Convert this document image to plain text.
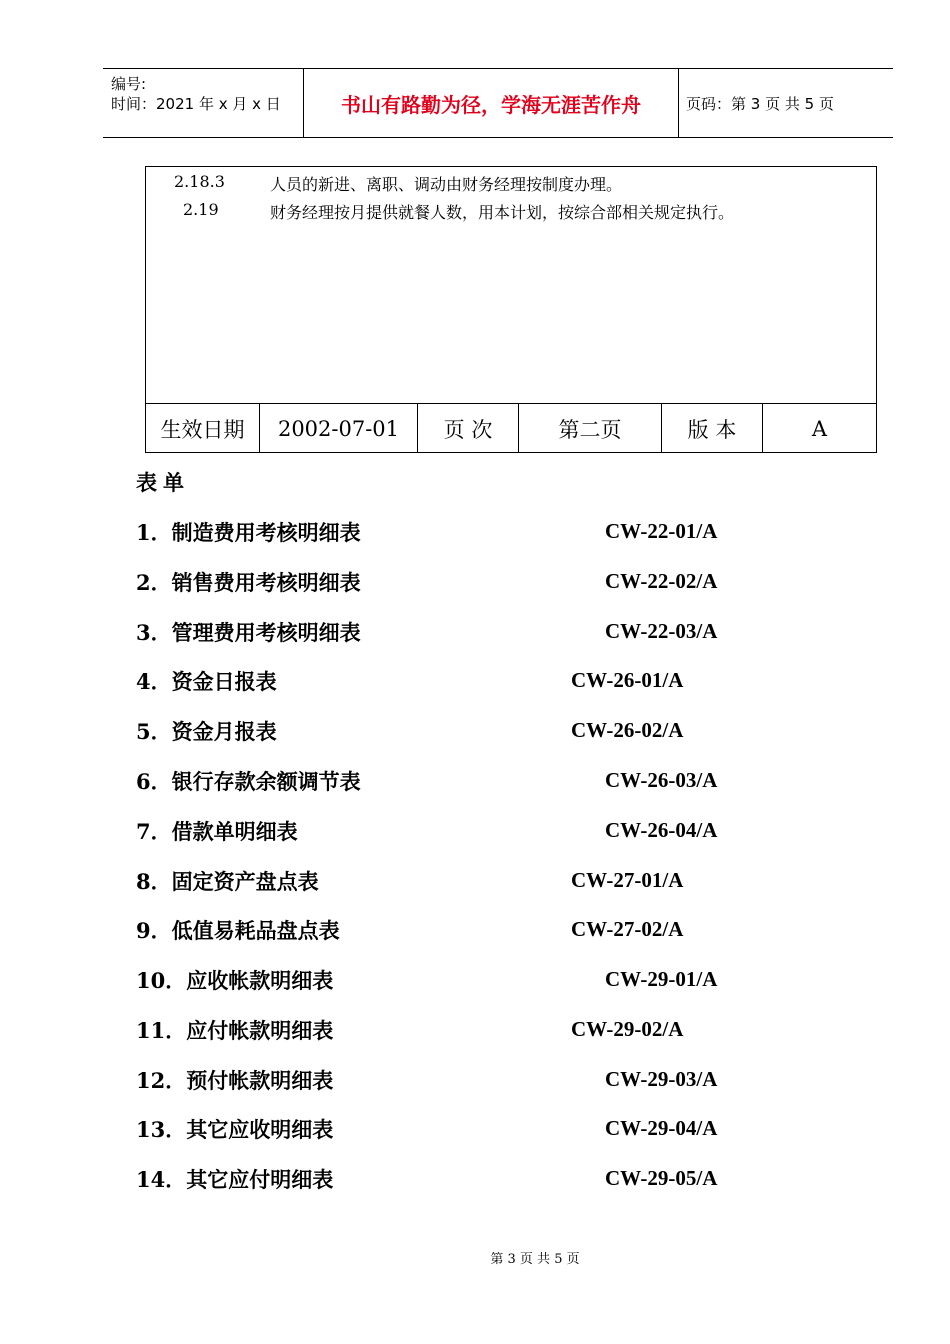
编号:
时间：2021 年 x 月 x 日	书山有路勤为径，学海无涯苦作舟	页码：第 3 页 共 5 页
2.18.3	人员的新进、离职、调动由财务经理按制度办理。
2.19	财务经理按月提供就餐人数，用本计划，按综合部相关规定执行。
生效日期	2002-07-01	页 次	第二页	版 本	A
表单
1．制造费用考核明细表	CW-22-01/A
2．销售费用考核明细表	CW-22-02/A
3．管理费用考核明细表	CW-22-03/A
4．资金日报表	CW-26-01/A
5．资金月报表	CW-26-02/A
6．银行存款余额调节表	CW-26-03/A
7．借款单明细表	CW-26-04/A
8．固定资产盘点表	CW-27-01/A
9．低值易耗品盘点表	CW-27-02/A
10．应收帐款明细表	CW-29-01/A
11．应付帐款明细表	CW-29-02/A
12．预付帐款明细表	CW-29-03/A
13．其它应收明细表	CW-29-04/A
14．其它应付明细表	CW-29-05/A
第 3 页 共 5 页
